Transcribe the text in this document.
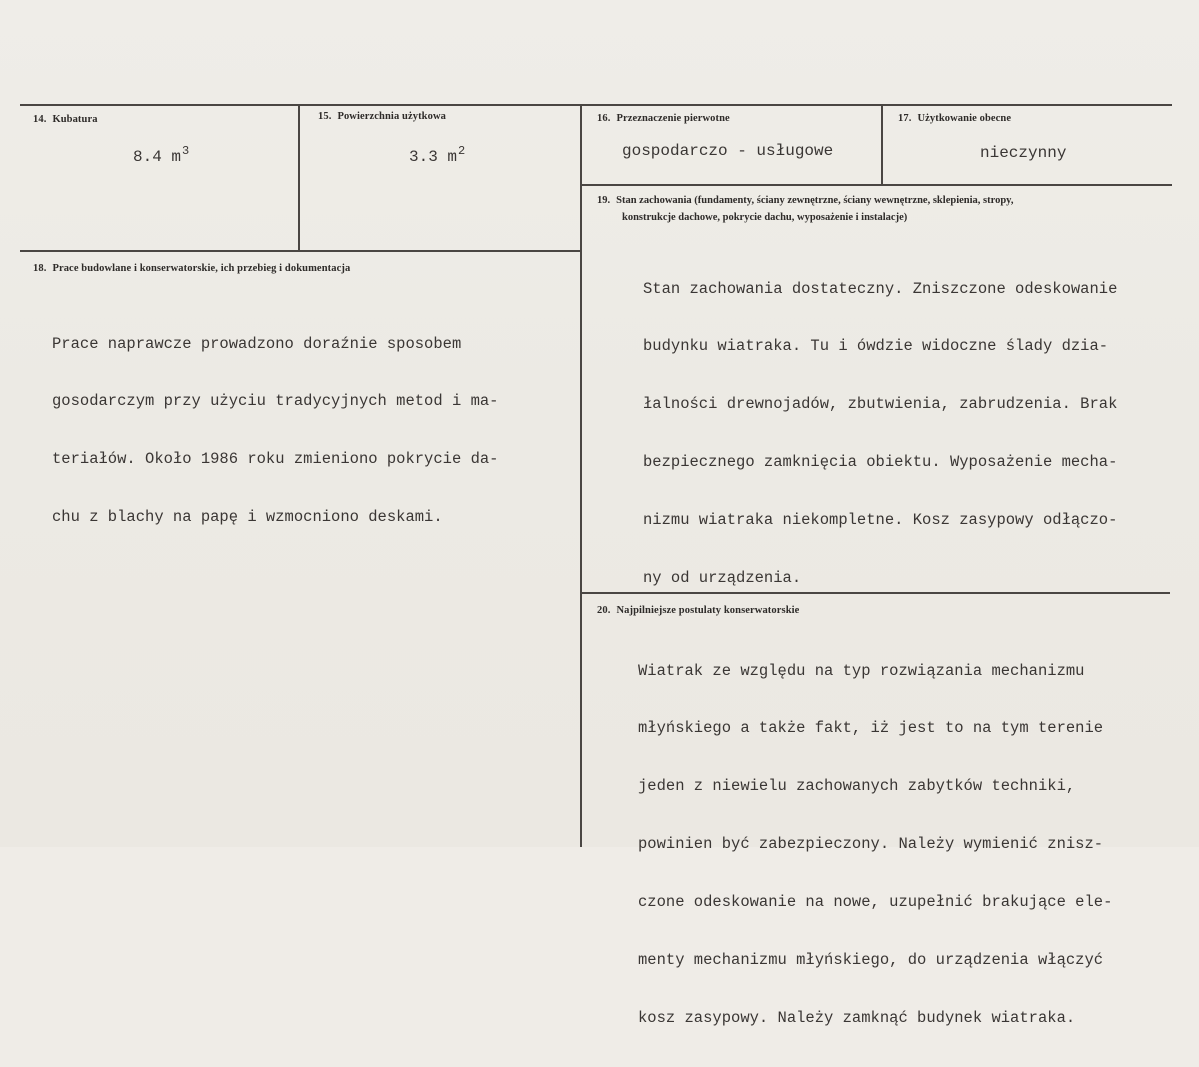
14. Kubatura
8.4 $m^3$
15. Powierzchnia użytkowa
3.3 $m^2$
16. Przeznaczenie pierwotne
gospodarczo - usługowe
17. Użytkowanie obecne
nieczynny
18. Prace budowlane i konserwatorskie, ich przebieg i dokumentacja

Prace naprawcze prowadzono doraźnie sposobem

gosodarczym przy użyciu tradycyjnych metod i ma-

teriałów. Około 1986 roku zmieniono pokrycie da-

chu z blachy na papę i wzmocniono deskami.

19. Stan zachowania (fundamenty, ściany zewnętrzne, ściany wewnętrzne, sklepienia, stropy,
konstrukcje dachowe, pokrycie dachu, wyposażenie i instalacje)

Stan zachowania dostateczny. Zniszczone odeskowanie

budynku wiatraka. Tu i ówdzie widoczne ślady dzia-

łalności drewnojadów, zbutwienia, zabrudzenia. Brak

bezpiecznego zamknięcia obiektu. Wyposażenie mecha-

nizmu wiatraka niekompletne. Kosz zasypowy odłączo-

ny od urządzenia.

20. Najpilniejsze postulaty konserwatorskie

Wiatrak ze względu na typ rozwiązania mechanizmu

młyńskiego a także fakt, iż jest to na tym terenie

jeden z niewielu zachowanych zabytków techniki,

powinien być zabezpieczony. Należy wymienić znisz-

czone odeskowanie na nowe, uzupełnić brakujące ele-

menty mechanizmu młyńskiego, do urządzenia włączyć

kosz zasypowy. Należy zamknąć budynek wiatraka.
